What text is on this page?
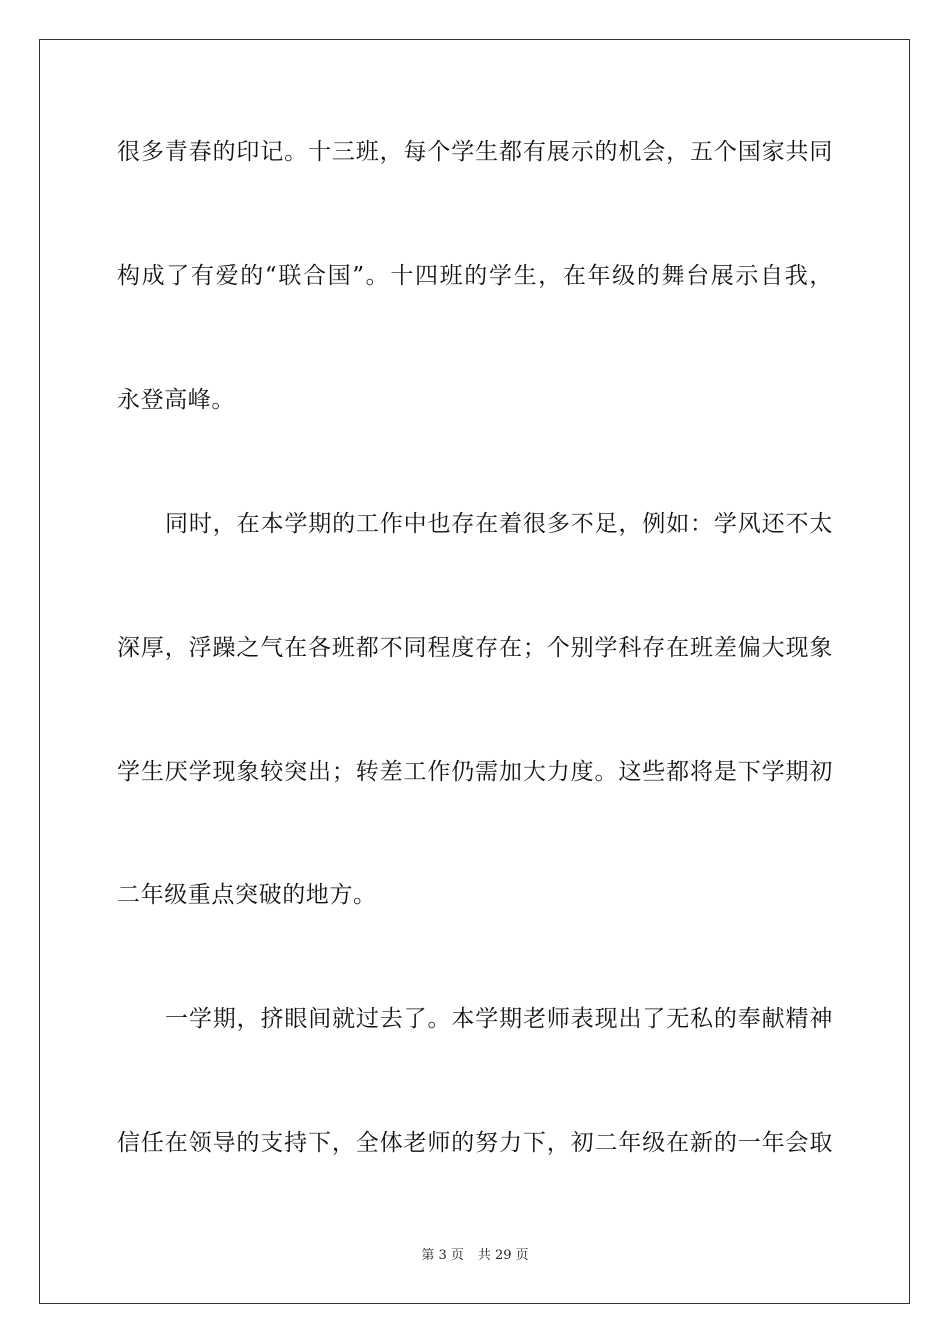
很多青春的印记。十三班，每个学生都有展示的机会，五个国家共同
构成了有爱的“联合国”。十四班的学生，在年级的舞台展示自我，
永登高峰。
同时，在本学期的工作中也存在着很多不足，例如：学风还不太
深厚，浮躁之气在各班都不同程度存在；个别学科存在班差偏大现象
学生厌学现象较突出；转差工作仍需加大力度。这些都将是下学期初
二年级重点突破的地方。
一学期，挤眼间就过去了。本学期老师表现出了无私的奉献精神
信任在领导的支持下，全体老师的努力下，初二年级在新的一年会取
第 3 页 共 29 页
